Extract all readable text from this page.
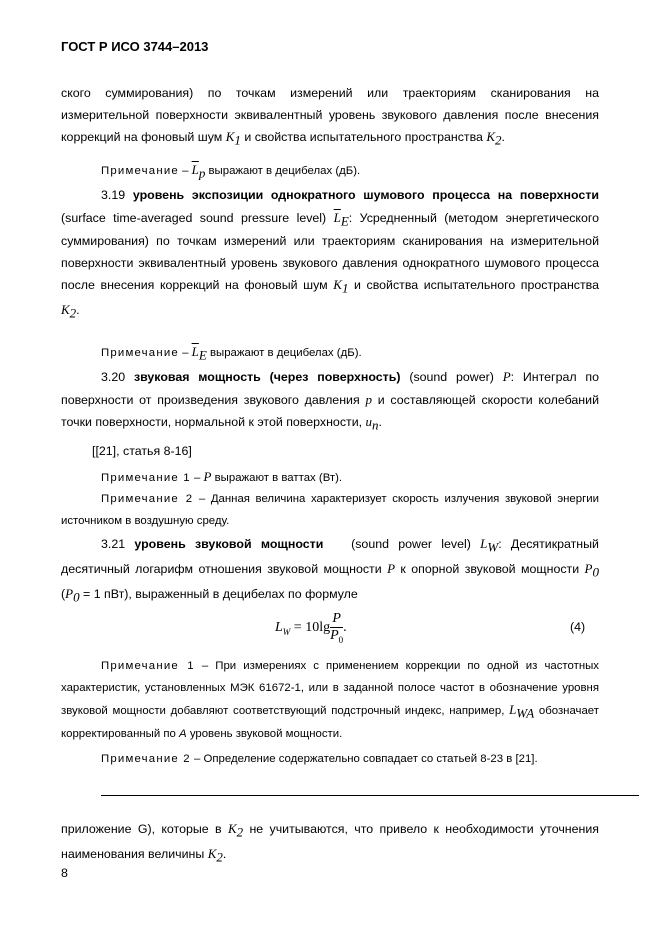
ГОСТ Р ИСО 3744–2013

ского суммирования) по точкам измерений или траекториям сканирования на измерительной поверхности эквивалентный уровень звукового давления после внесения коррекций на фоновый шум $K_1$ и свойства испытательного пространства $K_2$.

Примечание – $\overline{L}_p$ выражают в децибелах (дБ).

3.19 уровень экспозиции однократного шумового процесса на поверхности (surface time-averaged sound pressure level) $\overline{L}_E$: Усредненный (методом энергетического суммирования) по точкам измерений или траекториям сканирования на измерительной поверхности эквивалентный уровень звукового давления однократного шумового процесса после внесения коррекций на фоновый шум $K_1$ и свойства испытательного пространства $K_2$.

Примечание – $\overline{L}_E$ выражают в децибелах (дБ).

3.20 звуковая мощность (через поверхность) (sound power) P: Интеграл по поверхности от произведения звукового давления p и составляющей скорости колебаний точки поверхности, нормальной к этой поверхности, $u_n$.

[[21], статья 8-16]

Примечание 1 – P выражают в ваттах (Вт).

Примечание 2 – Данная величина характеризует скорость излучения звуковой энергии источником в воздушную среду.

3.21 уровень звуковой мощности (sound power level) $L_W$: Десятикратный десятичный логарифм отношения звуковой мощности P к опорной звуковой мощности $P_0$ ($P_0 = 1$ пВт), выраженный в децибелах по формуле

$L_W = 10\lg \frac{P}{P_0}$ .	(4)

Примечание 1 – При измерениях с применением коррекции по одной из частотных характеристик, установленных МЭК 61672-1, или в заданной полосе частот в обозначение уровня звуковой мощности добавляют соответствующий подстрочный индекс, например, $L_{WA}$ обозначает корректированный по А уровень звуковой мощности.

Примечание 2 – Определение содержательно совпадает со статьей 8-23 в [21].

приложение G), которые в $K_2$ не учитываются, что привело к необходимости уточнения наименования величины $K_2$.

8
